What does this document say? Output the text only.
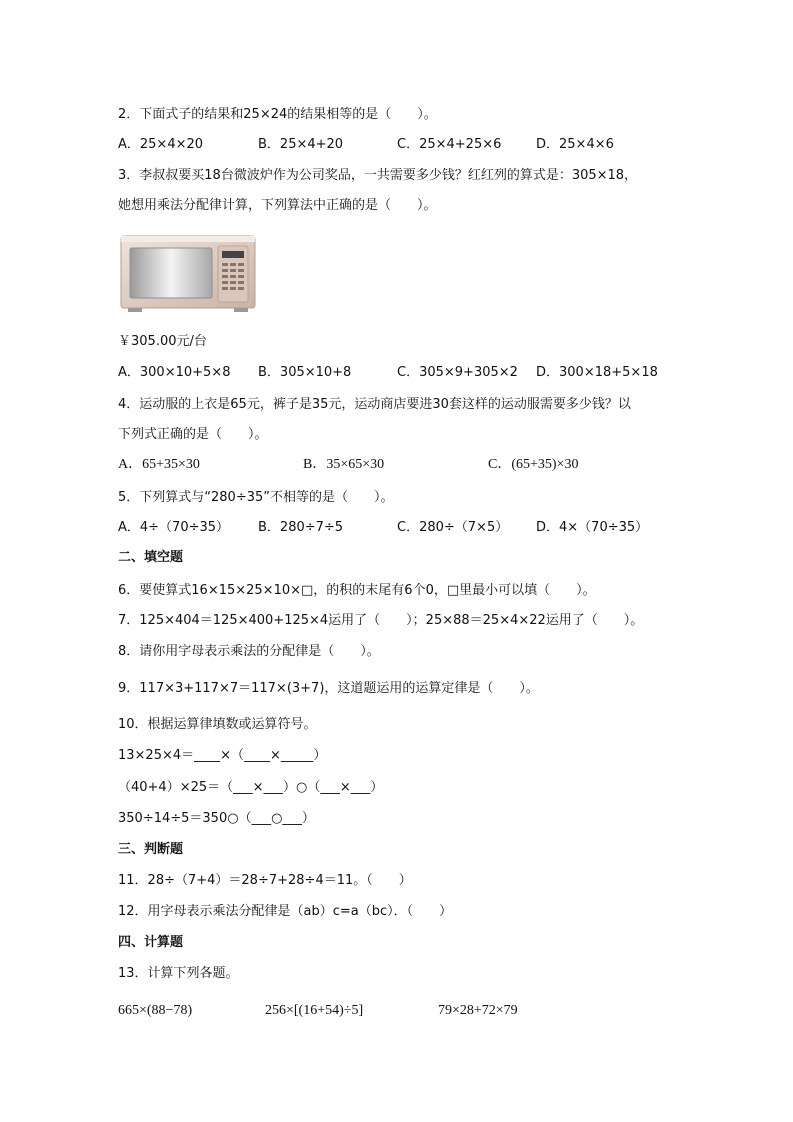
2．下面式子的结果和25×24的结果相等的是（　　）。
A．25×4×20	B．25×4+20	C．25×4+25×6	D．25×4×6
3．李叔叔要买18台微波炉作为公司奖品，一共需要多少钱？红红列的算式是：305×18，
她想用乘法分配律计算，下列算法中正确的是（　　）。
￥305.00元/台
A．300×10+5×8 B．305×10+8	C．305×9+305×2 D．300×18+5×18
4．运动服的上衣是65元，裤子是35元，运动商店要进30套这样的运动服需要多少钱？以
下列式正确的是（　　）。
A．65+35×30	B．35×65×30	C．(65+35)×30
5．下列算式与“280÷35”不相等的是（　　）。
A．4÷（70÷35） B．280÷7÷5	C．280÷（7×5） D．4×（70÷35）
二、填空题
6．要使算式16×15×25×10×□，的积的末尾有6个0，□里最小可以填（　　）。
7．125×404＝125×400+125×4运用了（　　）；25×88＝25×4×22运用了（　　）。
8．请你用字母表示乘法的分配律是（　　）。
9．117×3+117×7＝117×(3+7)，这道题运用的运算定律是（　　）。
10．根据运算律填数或运算符号。
13×25×4＝____×（____×_____）
（40+4）×25＝（___×___）○（___×___）
350÷14÷5＝350○（___○___）
三、判断题
11．28÷（7+4）＝28÷7+28÷4＝11。（　　）
12．用字母表示乘法分配律是（ab）c=a（bc）．（　　）
四、计算题
13．计算下列各题。
665×(88−78)	256×[(16+54)÷5]	79×28+72×79
